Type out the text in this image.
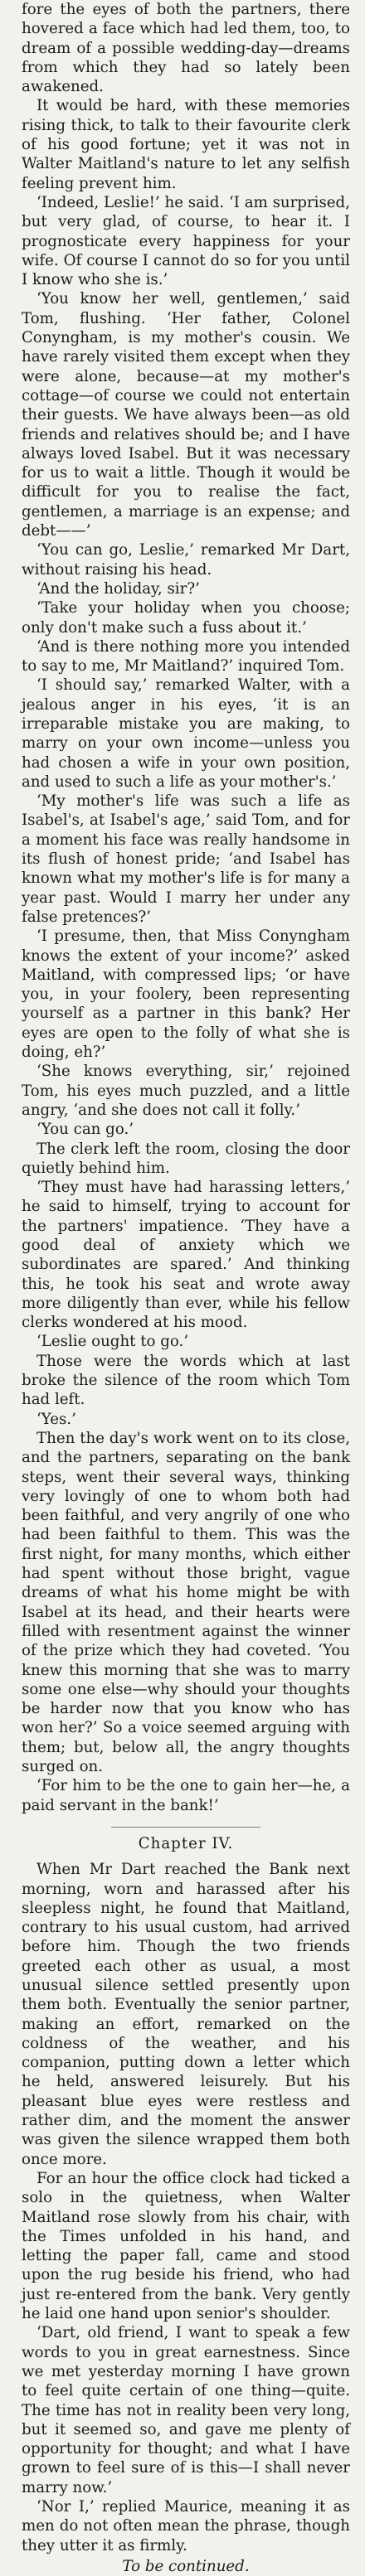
fore the eyes of both the partners, there hovered a face which had led them, too, to dream of a possible wedding-day—dreams from which they had so lately been awakened.

It would be hard, with these memories rising thick, to talk to their favourite clerk of his good fortune; yet it was not in Walter Maitland's nature to let any selfish feeling prevent him.

‘Indeed, Leslie!’ he said. ‘I am surprised, but very glad, of course, to hear it. I prognosticate every happiness for your wife. Of course I cannot do so for you until I know who she is.’

‘You know her well, gentlemen,’ said Tom, flushing. ‘Her father, Colonel Conyngham, is my mother's cousin. We have rarely visited them except when they were alone, because—at my mother's cottage—of course we could not entertain their guests. We have always been—as old friends and relatives should be; and I have always loved Isabel. But it was necessary for us to wait a little. Though it would be difficult for you to realise the fact, gentlemen, a marriage is an expense; and debt——’

‘You can go, Leslie,’ remarked Mr Dart, without raising his head.

‘And the holiday, sir?’

‘Take your holiday when you choose; only don't make such a fuss about it.’

‘And is there nothing more you intended to say to me, Mr Maitland?’ inquired Tom.

‘I should say,’ remarked Walter, with a jealous anger in his eyes, ‘it is an irreparable mistake you are making, to marry on your own income—unless you had chosen a wife in your own position, and used to such a life as your mother's.’

‘My mother's life was such a life as Isabel's, at Isabel's age,’ said Tom, and for a moment his face was really handsome in its flush of honest pride; ‘and Isabel has known what my mother's life is for many a year past. Would I marry her under any false pretences?’

‘I presume, then, that Miss Conyngham knows the extent of your income?’ asked Maitland, with compressed lips; ‘or have you, in your foolery, been representing yourself as a partner in this bank? Her eyes are open to the folly of what she is doing, eh?’

‘She knows everything, sir,’ rejoined Tom, his eyes much puzzled, and a little angry, ‘and she does not call it folly.’

‘You can go.’

The clerk left the room, closing the door quietly behind him.

‘They must have had harassing letters,’ he said to himself, trying to account for the partners' impatience. ‘They have a good deal of anxiety which we subordinates are spared.’ And thinking this, he took his seat and wrote away more diligently than ever, while his fellow clerks wondered at his mood.

‘Leslie ought to go.’

Those were the words which at last broke the silence of the room which Tom had left.

‘Yes.’

Then the day's work went on to its close, and the partners, separating on the bank steps, went their several ways, thinking very lovingly of one to whom both had been faithful, and very angrily of one who had been faithful to them. This was the first night, for many months, which either had spent without those bright, vague dreams of what his home might be with Isabel at its head, and their hearts were filled with resentment against the winner of the prize which they had coveted. ‘You knew this morning that she was to marry some one else—why should your thoughts be harder now that you know who has won her?’ So a voice seemed arguing with them; but, below all, the angry thoughts surged on.

‘For him to be the one to gain her—he, a paid servant in the bank!’

Chapter IV.

When Mr Dart reached the Bank next morning, worn and harassed after his sleepless night, he found that Maitland, contrary to his usual custom, had arrived before him. Though the two friends greeted each other as usual, a most unusual silence settled presently upon them both. Eventually the senior partner, making an effort, remarked on the coldness of the weather, and his companion, putting down a letter which he held, answered leisurely. But his pleasant blue eyes were restless and rather dim, and the moment the answer was given the silence wrapped them both once more.

For an hour the office clock had ticked a solo in the quietness, when Walter Maitland rose slowly from his chair, with the Times unfolded in his hand, and letting the paper fall, came and stood upon the rug beside his friend, who had just re-entered from the bank. Very gently he laid one hand upon senior's shoulder.

‘Dart, old friend, I want to speak a few words to you in great earnestness. Since we met yesterday morning I have grown to feel quite certain of one thing—quite. The time has not in reality been very long, but it seemed so, and gave me plenty of opportunity for thought; and what I have grown to feel sure of is this—I shall never marry now.’

‘Nor I,’ replied Maurice, meaning it as men do not often mean the phrase, though they utter it as firmly.

To be continued.
